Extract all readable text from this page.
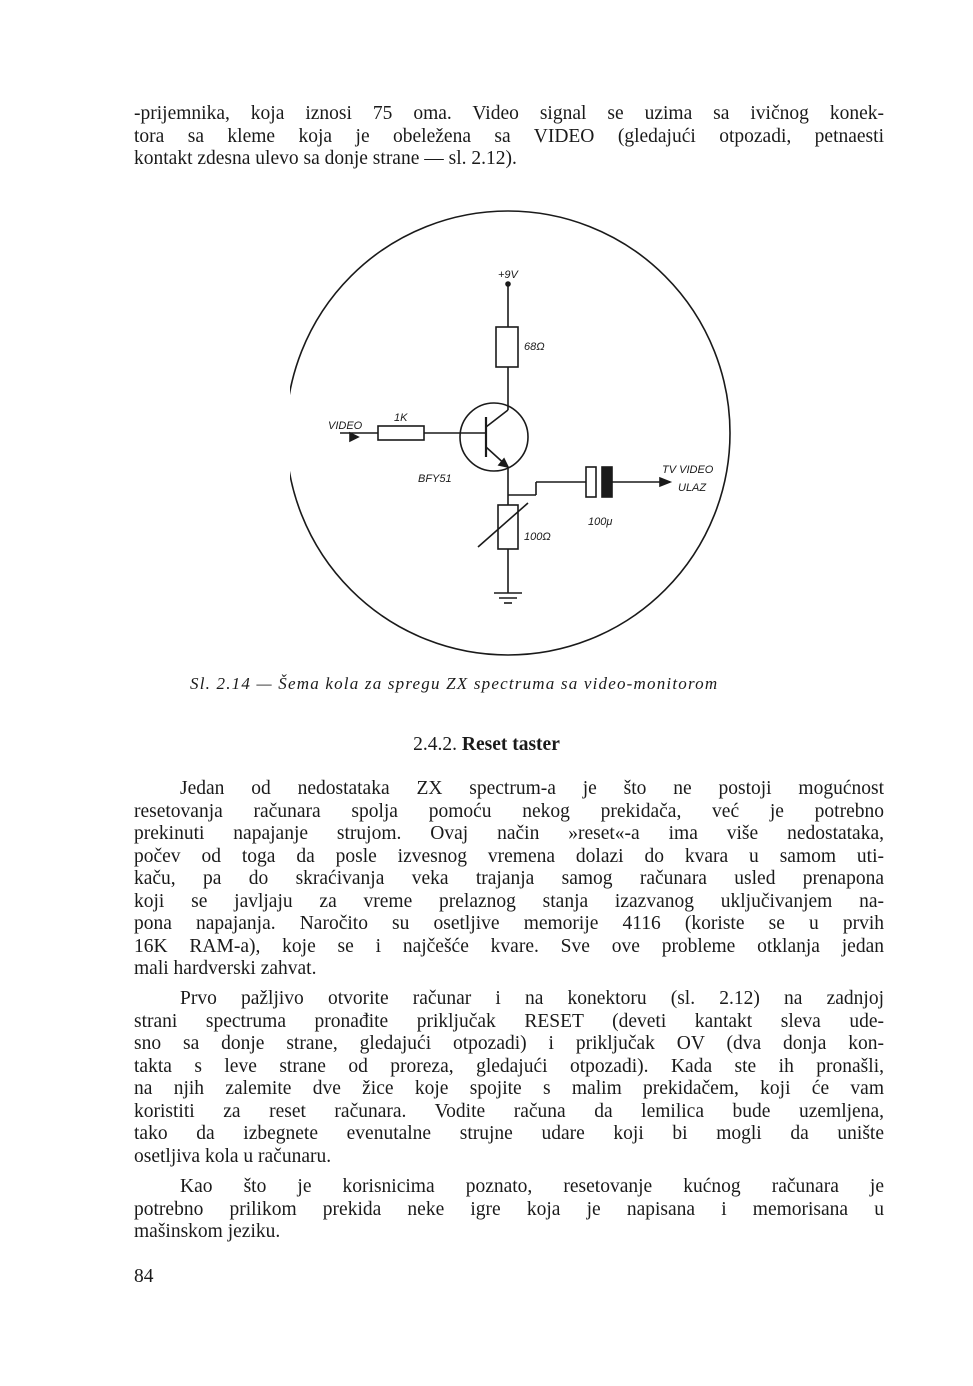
-prijemnika, koja iznosi 75 oma. Video signal se uzima sa ivičnog konek-
tora sa kleme koja je obeležena sa VIDEO (gledajući otpozadi, petnaesti
kontakt zdesna ulevo sa donje strane — sl. 2.12).

+9V
68Ω
1K
VIDEO
BFY51
TV VIDEO
ULAZ
100μ
100Ω
Sl. 2.14 — Šema kola za spregu ZX spectruma sa video-monitorom
2.4.2. Reset taster

Jedan od nedostataka ZX spectrum-a je što ne postoji mogućnost
resetovanja računara spolja pomoću nekog prekidača, već je potrebno
prekinuti napajanje strujom. Ovaj način »reset«-a ima više nedostataka,
počev od toga da posle izvesnog vremena dolazi do kvara u samom uti-
kaču, pa do skraćivanja veka trajanja samog računara usled prenapona
koji se javljaju za vreme prelaznog stanja izazvanog uključivanjem na-
pona napajanja. Naročito su osetljive memorije 4116 (koriste se u prvih
16K RAM-a), koje se i najčešće kvare. Sve ove probleme otklanja jedan
mali hardverski zahvat.

Prvo pažljivo otvorite računar i na konektoru (sl. 2.12) na zadnjoj
strani spectruma pronađite priključak RESET (deveti kantakt sleva ude-
sno sa donje strane, gledajući otpozadi) i priključak OV (dva donja kon-
takta s leve strane od proreza, gledajući otpozadi). Kada ste ih pronašli,
na njih zalemite dve žice koje spojite s malim prekidačem, koji će vam
koristiti za reset računara. Vodite računa da lemilica bude uzemljena,
tako da izbegnete evenutalne strujne udare koji bi mogli da unište
osetljiva kola u računaru.

Kao što je korisnicima poznato, resetovanje kućnog računara je
potrebno prilikom prekida neke igre koja je napisana i memorisana u
mašinskom jeziku.

84
